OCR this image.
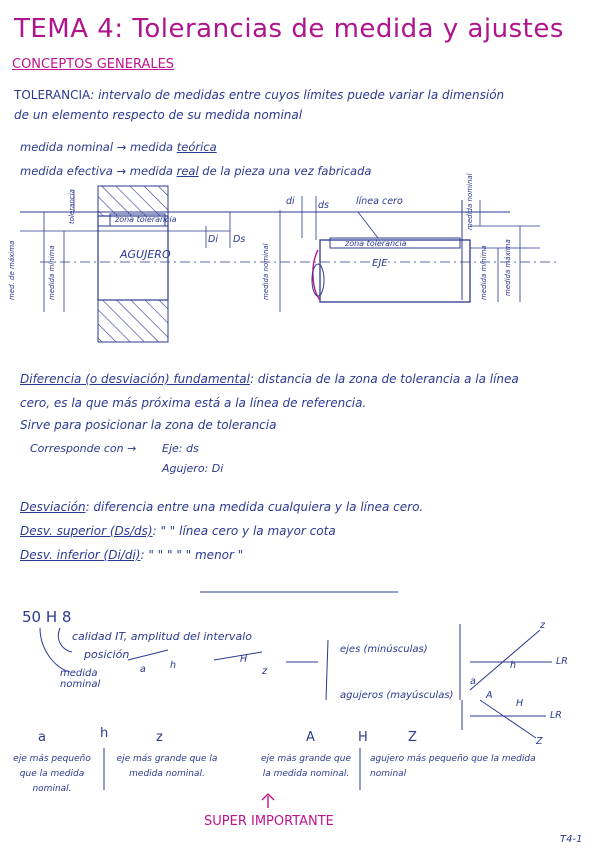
TEMA 4: Tolerancias de medida y ajustes
CONCEPTOS GENERALES
TOLERANCIA: intervalo de medidas entre cuyos límites puede variar la dimensión
de un elemento respecto de su medida nominal
medida nominal → medida teórica
medida efectiva → medida real de la pieza una vez fabricada
zona tolerancia
AGUJERO
Di Ds
di ds	línea cero
zona tolerancia
EJE
med. de máxima	medida mínima
tolerancia
medida nominal	medida mínima medida máxima
medida nominal
Diferencia (o desviación) fundamental: distancia de la zona de tolerancia a la línea
cero, es la que más próxima está a la línea de referencia.
Sirve para posicionar la zona de tolerancia
Corresponde con → Eje: ds
Agujero: Di
Desviación: diferencia entre una medida cualquiera y la línea cero.
Desv. superior (Ds/ds): " " línea cero y la mayor cota
Desv. inferior (Di/di): " " " " " menor "
50 H 8
calidad IT, amplitud del intervalo
posición
medida nominal
a	h
H
z
ejes (minúsculas)
agujeros (mayúsculas)
LR
LR
z
a
h
A
H
Z
a	h	z	A	H	Z
eje más pequeño que la medida nominal.
eje más grande que la medida nominal.
eje más grande que la medida nominal.
agujero más pequeño que la medida nominal
SUPER IMPORTANTE
T4-1
